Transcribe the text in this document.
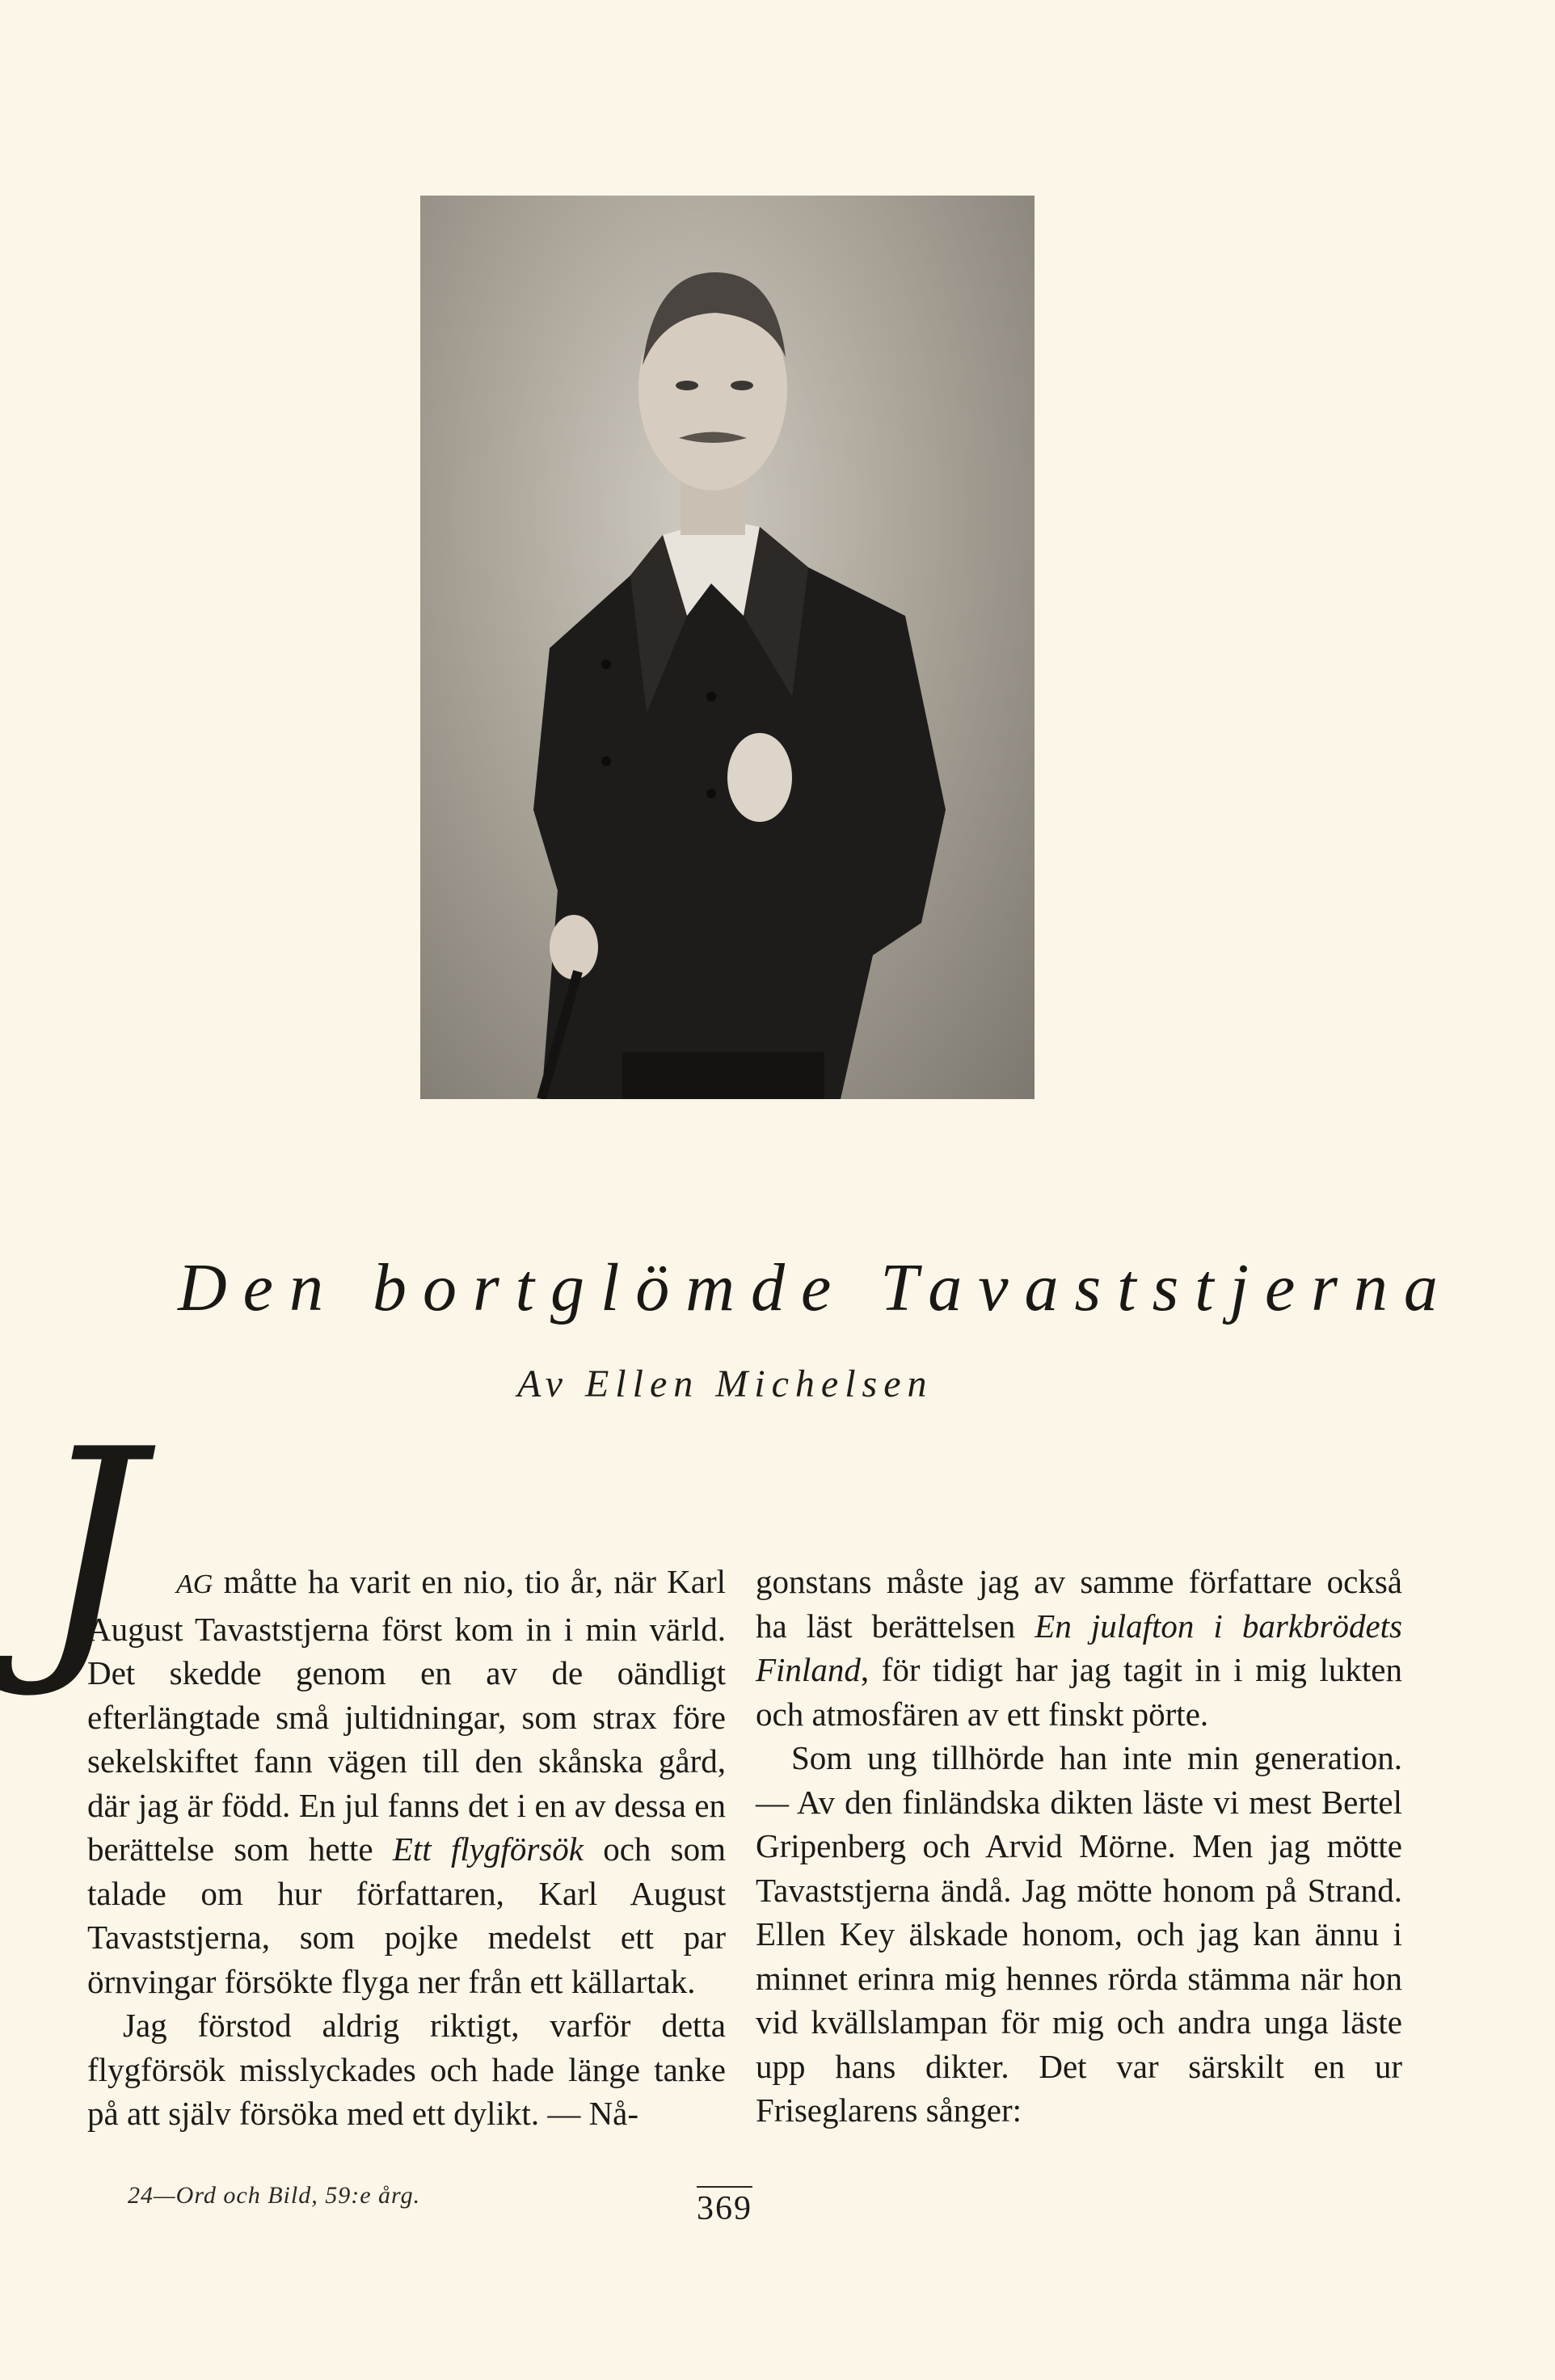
Den bortglömde Tavaststjerna
Av Ellen Michelsen
J	AG måtte ha varit en nio, tio år, när Karl August Tavaststjerna först kom in i min värld. Det skedde genom en av de oändligt efterlängtade små jultidningar, som strax före sekelskiftet fann vägen till den skånska gård, där jag är född. En jul fanns det i en av dessa en berättelse som hette Ett flygförsök och som talade om hur författaren, Karl August Tavaststjerna, som pojke medelst ett par örnvingar försökte flyga ner från ett källartak.

Jag förstod aldrig riktigt, varför detta flygförsök misslyckades och hade länge tanke på att själv försöka med ett dylikt. — Nå-

gonstans måste jag av samme författare också ha läst berättelsen En julafton i barkbrödets Finland, för tidigt har jag tagit in i mig lukten och atmosfären av ett finskt pörte.

Som ung tillhörde han inte min generation. — Av den finländska dikten läste vi mest Bertel Gripenberg och Arvid Mörne. Men jag mötte Tavaststjerna ändå. Jag mötte honom på Strand. Ellen Key älskade honom, och jag kan ännu i minnet erinra mig hennes rörda stämma när hon vid kvällslampan för mig och andra unga läste upp hans dikter. Det var särskilt en ur Friseglarens sånger:

24—Ord och Bild, 59:e årg.	369
